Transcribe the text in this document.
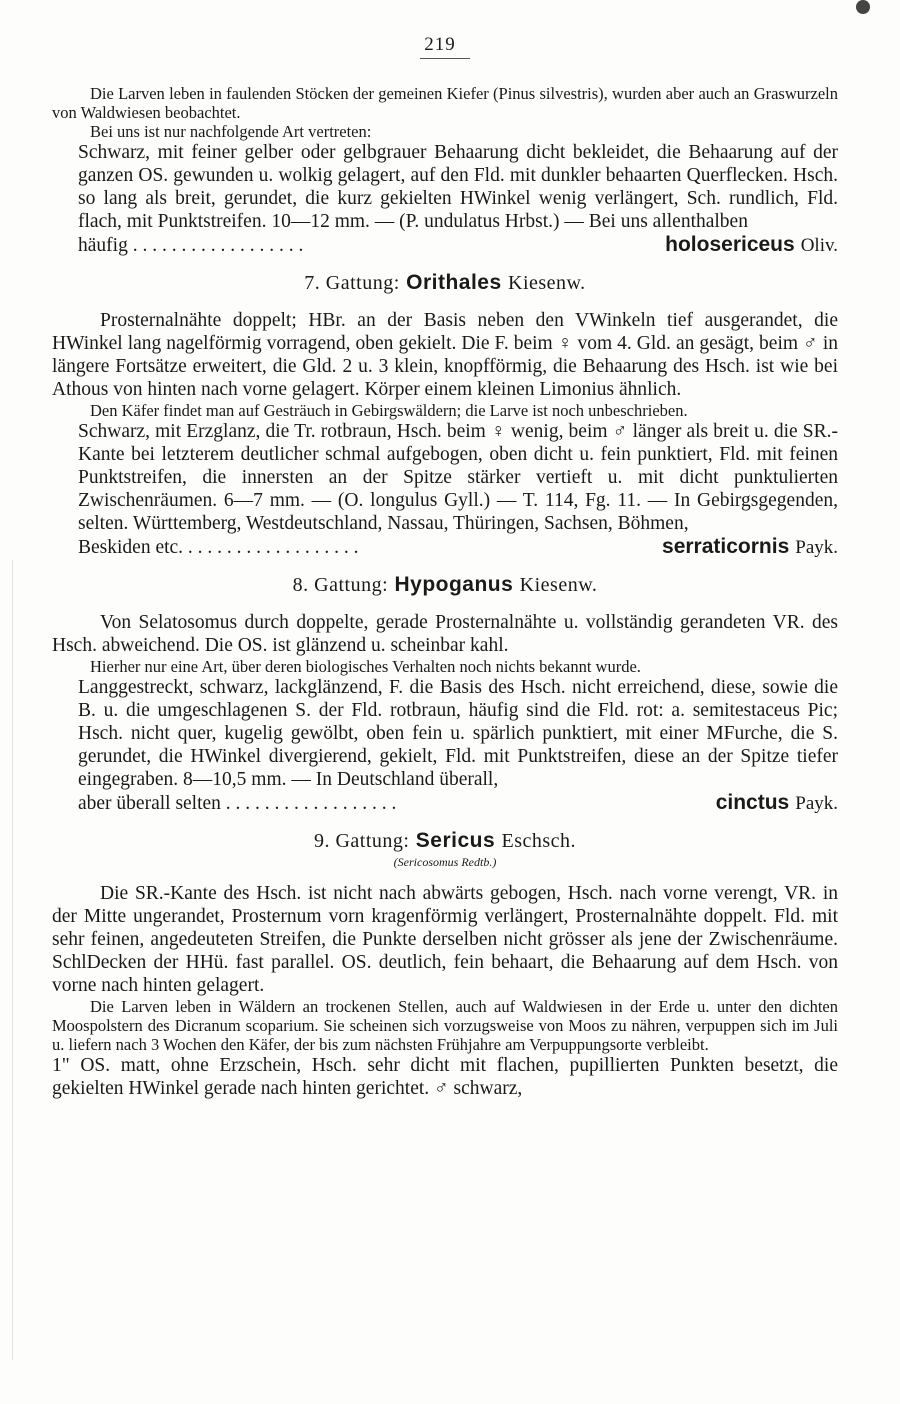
219

Die Larven leben in faulenden Stöcken der gemeinen Kiefer (Pinus silvestris), wurden aber auch an Graswurzeln von Waldwiesen beobachtet.

Bei uns ist nur nachfolgende Art vertreten:

Schwarz, mit feiner gelber oder gelbgrauer Behaarung dicht bekleidet, die Behaarung auf der ganzen OS. gewunden u. wolkig gelagert, auf den Fld. mit dunkler behaarten Querflecken. Hsch. so lang als breit, gerundet, die kurz gekielten HWinkel wenig verlängert, Sch. rundlich, Fld. flach, mit Punktstreifen. 10—12 mm. — (P. undulatus Hrbst.) — Bei uns allenthalben

häufig . . . . . . . . . . . . . . . . . .	holosericeus Oliv.
7. Gattung: Orithales Kiesenw.

Prosternalnähte doppelt; HBr. an der Basis neben den VWinkeln tief ausgerandet, die HWinkel lang nagelförmig vorragend, oben gekielt. Die F. beim ♀ vom 4. Gld. an gesägt, beim ♂ in längere Fortsätze erweitert, die Gld. 2 u. 3 klein, knopfförmig, die Behaarung des Hsch. ist wie bei Athous von hinten nach vorne gelagert. Körper einem kleinen Limonius ähnlich.

Den Käfer findet man auf Gesträuch in Gebirgswäldern; die Larve ist noch unbeschrieben.

Schwarz, mit Erzglanz, die Tr. rotbraun, Hsch. beim ♀ wenig, beim ♂ länger als breit u. die SR.-Kante bei letzterem deutlicher schmal aufgebogen, oben dicht u. fein punktiert, Fld. mit feinen Punktstreifen, die innersten an der Spitze stärker vertieft u. mit dicht punktulierten Zwischenräumen. 6—7 mm. — (O. longulus Gyll.) — T. 114, Fg. 11. — In Gebirgsgegenden, selten. Württemberg, Westdeutschland, Nassau, Thüringen, Sachsen, Böhmen,

Beskiden etc. . . . . . . . . . . . . . . . . . .	serraticornis Payk.
8. Gattung: Hypoganus Kiesenw.

Von Selatosomus durch doppelte, gerade Prosternalnähte u. vollständig gerandeten VR. des Hsch. abweichend. Die OS. ist glänzend u. scheinbar kahl.

Hierher nur eine Art, über deren biologisches Verhalten noch nichts bekannt wurde.

Langgestreckt, schwarz, lackglänzend, F. die Basis des Hsch. nicht erreichend, diese, sowie die B. u. die umgeschlagenen S. der Fld. rotbraun, häufig sind die Fld. rot: a. semitestaceus Pic; Hsch. nicht quer, kugelig gewölbt, oben fein u. spärlich punktiert, mit einer MFurche, die S. gerundet, die HWinkel divergierend, gekielt, Fld. mit Punktstreifen, diese an der Spitze tiefer eingegraben. 8—10,5 mm. — In Deutschland überall,

aber überall selten . . . . . . . . . . . . . . . . . .	cinctus Payk.
9. Gattung: Sericus Eschsch.
(Sericosomus Redtb.)

Die SR.-Kante des Hsch. ist nicht nach abwärts gebogen, Hsch. nach vorne verengt, VR. in der Mitte ungerandet, Prosternum vorn kragenförmig verlängert, Prosternalnähte doppelt. Fld. mit sehr feinen, angedeuteten Streifen, die Punkte derselben nicht grösser als jene der Zwischenräume. SchlDecken der HHü. fast parallel. OS. deutlich, fein behaart, die Behaarung auf dem Hsch. von vorne nach hinten gelagert.

Die Larven leben in Wäldern an trockenen Stellen, auch auf Waldwiesen in der Erde u. unter den dichten Moospolstern des Dicranum scoparium. Sie scheinen sich vorzugsweise von Moos zu nähren, verpuppen sich im Juli u. liefern nach 3 Wochen den Käfer, der bis zum nächsten Frühjahre am Verpuppungsorte verbleibt.

1" OS. matt, ohne Erzschein, Hsch. sehr dicht mit flachen, pupillierten Punkten besetzt, die gekielten HWinkel gerade nach hinten gerichtet. ♂ schwarz,
